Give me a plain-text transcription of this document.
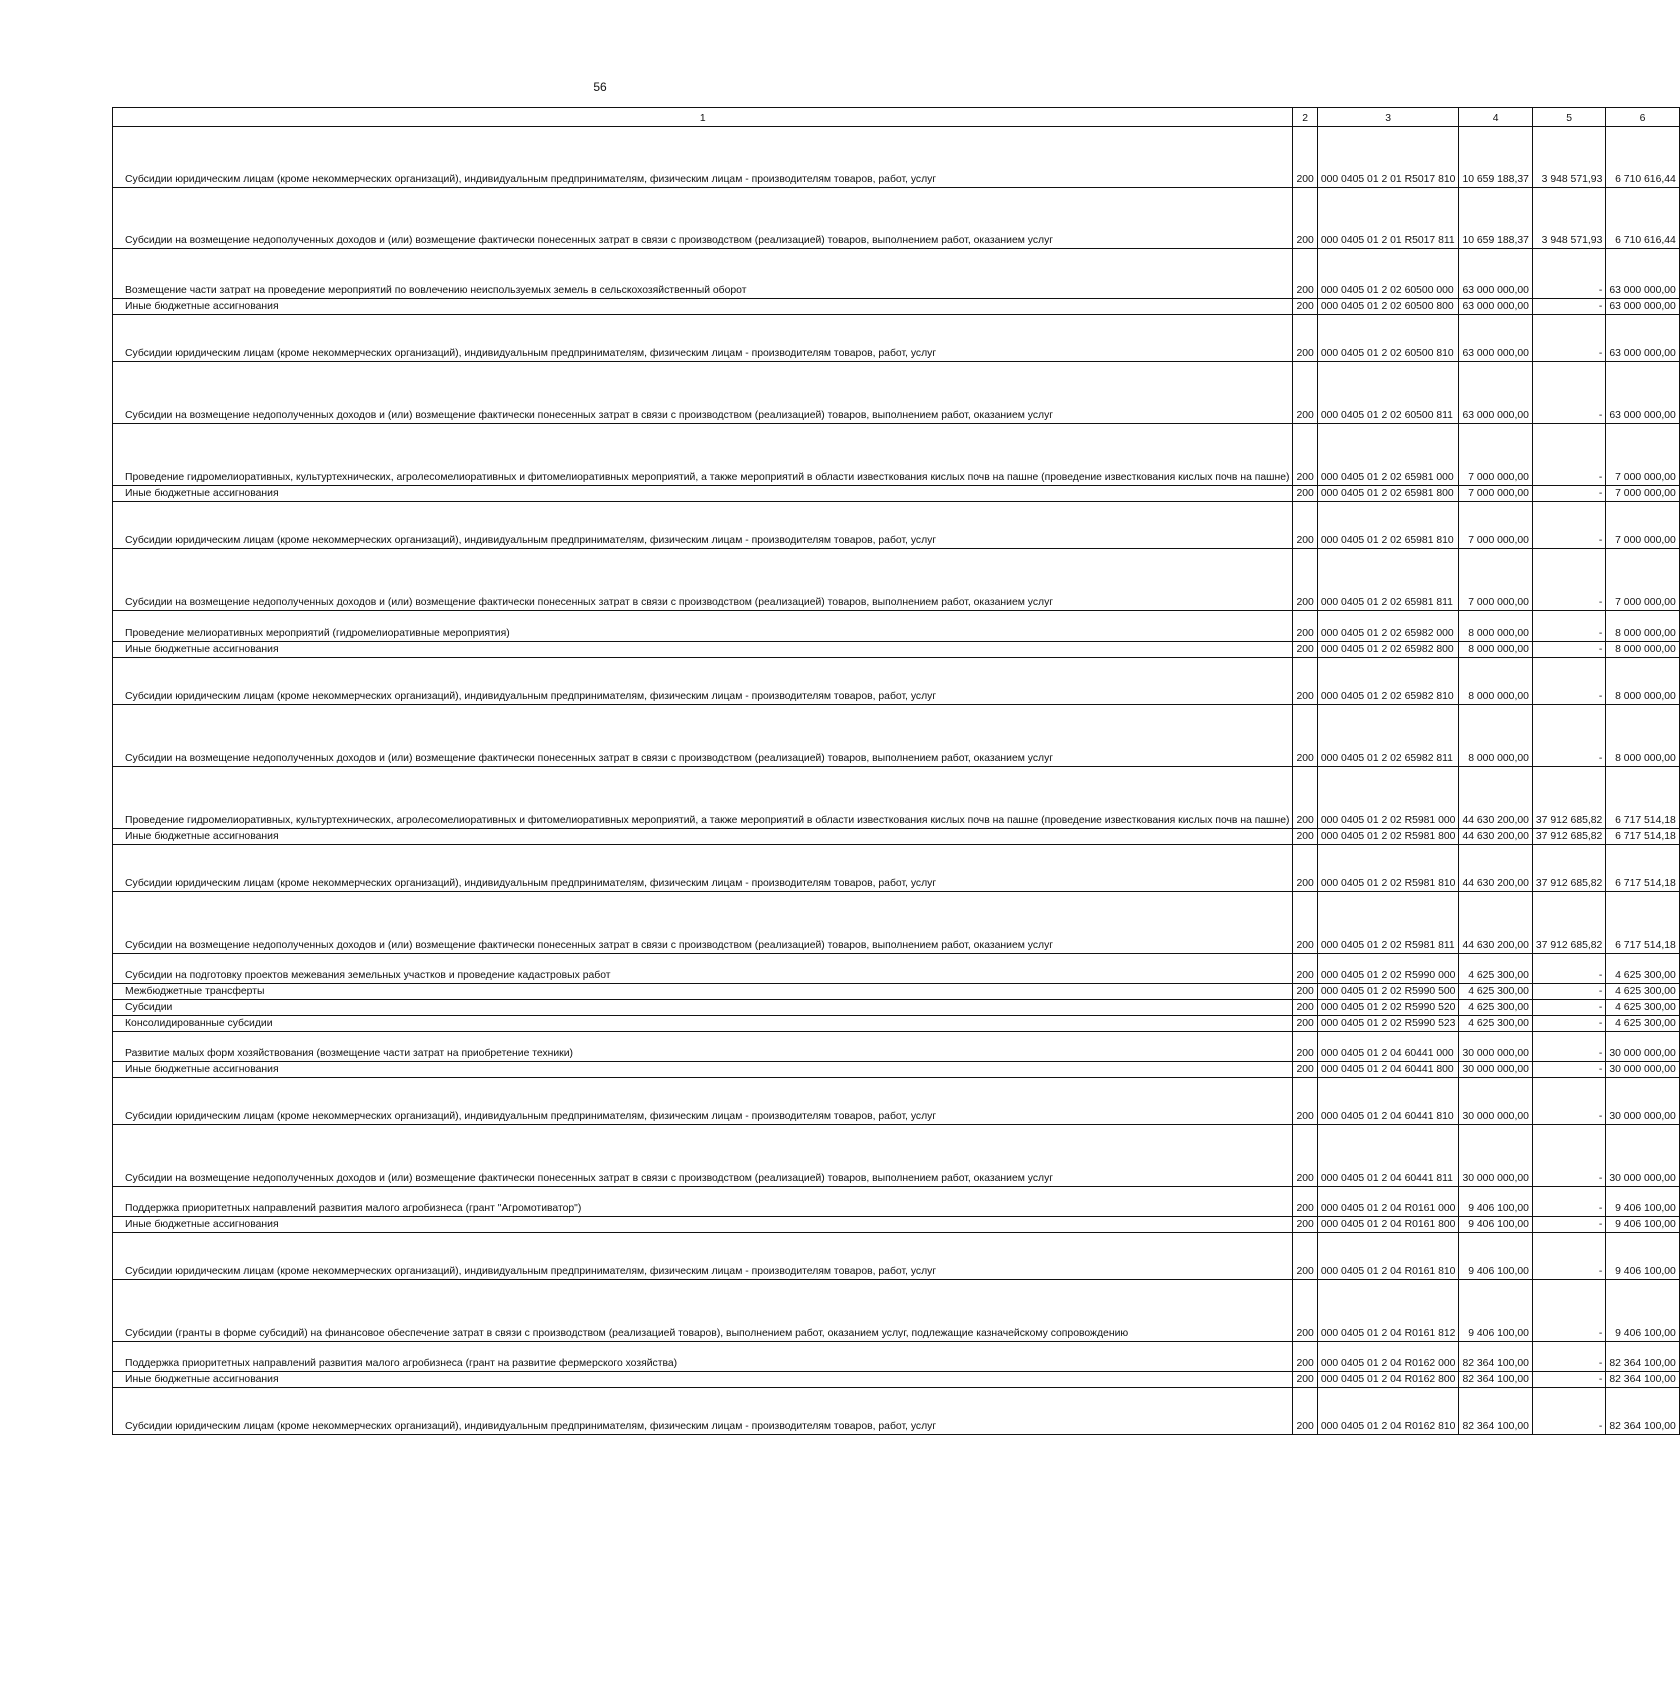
56
1	2	3	4	5	6
Субсидии юридическим лицам (кроме некоммерческих организаций), индивидуальным предпринимателям, физическим лицам - производителям товаров, работ, услуг	200	000 0405 01 2 01 R5017 810	10 659 188,37	3 948 571,93	6 710 616,44
Субсидии на возмещение недополученных доходов и (или) возмещение фактически понесенных затрат в связи с производством (реализацией) товаров, выполнением работ, оказанием услуг	200	000 0405 01 2 01 R5017 811	10 659 188,37	3 948 571,93	6 710 616,44
Возмещение части затрат на проведение мероприятий по вовлечению неиспользуемых земель в сельскохозяйственный оборот	200	000 0405 01 2 02 60500 000	63 000 000,00	-	63 000 000,00
Иные бюджетные ассигнования	200	000 0405 01 2 02 60500 800	63 000 000,00	-	63 000 000,00
Субсидии юридическим лицам (кроме некоммерческих организаций), индивидуальным предпринимателям, физическим лицам - производителям товаров, работ, услуг	200	000 0405 01 2 02 60500 810	63 000 000,00	-	63 000 000,00
Субсидии на возмещение недополученных доходов и (или) возмещение фактически понесенных затрат в связи с производством (реализацией) товаров, выполнением работ, оказанием услуг	200	000 0405 01 2 02 60500 811	63 000 000,00	-	63 000 000,00
Проведение гидромелиоративных, культуртехнических, агролесомелиоративных и фитомелиоративных мероприятий, а также мероприятий в области известкования кислых почв на пашне (проведение известкования кислых почв на пашне)	200	000 0405 01 2 02 65981 000	7 000 000,00	-	7 000 000,00
Иные бюджетные ассигнования	200	000 0405 01 2 02 65981 800	7 000 000,00	-	7 000 000,00
Субсидии юридическим лицам (кроме некоммерческих организаций), индивидуальным предпринимателям, физическим лицам - производителям товаров, работ, услуг	200	000 0405 01 2 02 65981 810	7 000 000,00	-	7 000 000,00
Субсидии на возмещение недополученных доходов и (или) возмещение фактически понесенных затрат в связи с производством (реализацией) товаров, выполнением работ, оказанием услуг	200	000 0405 01 2 02 65981 811	7 000 000,00	-	7 000 000,00
Проведение мелиоративных мероприятий (гидромелиоративные мероприятия)	200	000 0405 01 2 02 65982 000	8 000 000,00	-	8 000 000,00
Иные бюджетные ассигнования	200	000 0405 01 2 02 65982 800	8 000 000,00	-	8 000 000,00
Субсидии юридическим лицам (кроме некоммерческих организаций), индивидуальным предпринимателям, физическим лицам - производителям товаров, работ, услуг	200	000 0405 01 2 02 65982 810	8 000 000,00	-	8 000 000,00
Субсидии на возмещение недополученных доходов и (или) возмещение фактически понесенных затрат в связи с производством (реализацией) товаров, выполнением работ, оказанием услуг	200	000 0405 01 2 02 65982 811	8 000 000,00	-	8 000 000,00
Проведение гидромелиоративных, культуртехнических, агролесомелиоративных и фитомелиоративных мероприятий, а также мероприятий в области известкования кислых почв на пашне (проведение известкования кислых почв на пашне)	200	000 0405 01 2 02 R5981 000	44 630 200,00	37 912 685,82	6 717 514,18
Иные бюджетные ассигнования	200	000 0405 01 2 02 R5981 800	44 630 200,00	37 912 685,82	6 717 514,18
Субсидии юридическим лицам (кроме некоммерческих организаций), индивидуальным предпринимателям, физическим лицам - производителям товаров, работ, услуг	200	000 0405 01 2 02 R5981 810	44 630 200,00	37 912 685,82	6 717 514,18
Субсидии на возмещение недополученных доходов и (или) возмещение фактически понесенных затрат в связи с производством (реализацией) товаров, выполнением работ, оказанием услуг	200	000 0405 01 2 02 R5981 811	44 630 200,00	37 912 685,82	6 717 514,18
Субсидии на подготовку проектов межевания земельных участков и проведение кадастровых работ	200	000 0405 01 2 02 R5990 000	4 625 300,00	-	4 625 300,00
Межбюджетные трансферты	200	000 0405 01 2 02 R5990 500	4 625 300,00	-	4 625 300,00
Субсидии	200	000 0405 01 2 02 R5990 520	4 625 300,00	-	4 625 300,00
Консолидированные субсидии	200	000 0405 01 2 02 R5990 523	4 625 300,00	-	4 625 300,00
Развитие малых форм хозяйствования (возмещение части затрат на приобретение техники)	200	000 0405 01 2 04 60441 000	30 000 000,00	-	30 000 000,00
Иные бюджетные ассигнования	200	000 0405 01 2 04 60441 800	30 000 000,00	-	30 000 000,00
Субсидии юридическим лицам (кроме некоммерческих организаций), индивидуальным предпринимателям, физическим лицам - производителям товаров, работ, услуг	200	000 0405 01 2 04 60441 810	30 000 000,00	-	30 000 000,00
Субсидии на возмещение недополученных доходов и (или) возмещение фактически понесенных затрат в связи с производством (реализацией) товаров, выполнением работ, оказанием услуг	200	000 0405 01 2 04 60441 811	30 000 000,00	-	30 000 000,00
Поддержка приоритетных направлений развития малого агробизнеса (грант "Агромотиватор")	200	000 0405 01 2 04 R0161 000	9 406 100,00	-	9 406 100,00
Иные бюджетные ассигнования	200	000 0405 01 2 04 R0161 800	9 406 100,00	-	9 406 100,00
Субсидии юридическим лицам (кроме некоммерческих организаций), индивидуальным предпринимателям, физическим лицам - производителям товаров, работ, услуг	200	000 0405 01 2 04 R0161 810	9 406 100,00	-	9 406 100,00
Субсидии (гранты в форме субсидий) на финансовое обеспечение затрат в связи с производством (реализацией товаров), выполнением работ, оказанием услуг, подлежащие казначейскому сопровождению	200	000 0405 01 2 04 R0161 812	9 406 100,00	-	9 406 100,00
Поддержка приоритетных направлений развития малого агробизнеса (грант на развитие фермерского хозяйства)	200	000 0405 01 2 04 R0162 000	82 364 100,00	-	82 364 100,00
Иные бюджетные ассигнования	200	000 0405 01 2 04 R0162 800	82 364 100,00	-	82 364 100,00
Субсидии юридическим лицам (кроме некоммерческих организаций), индивидуальным предпринимателям, физическим лицам - производителям товаров, работ, услуг	200	000 0405 01 2 04 R0162 810	82 364 100,00	-	82 364 100,00
